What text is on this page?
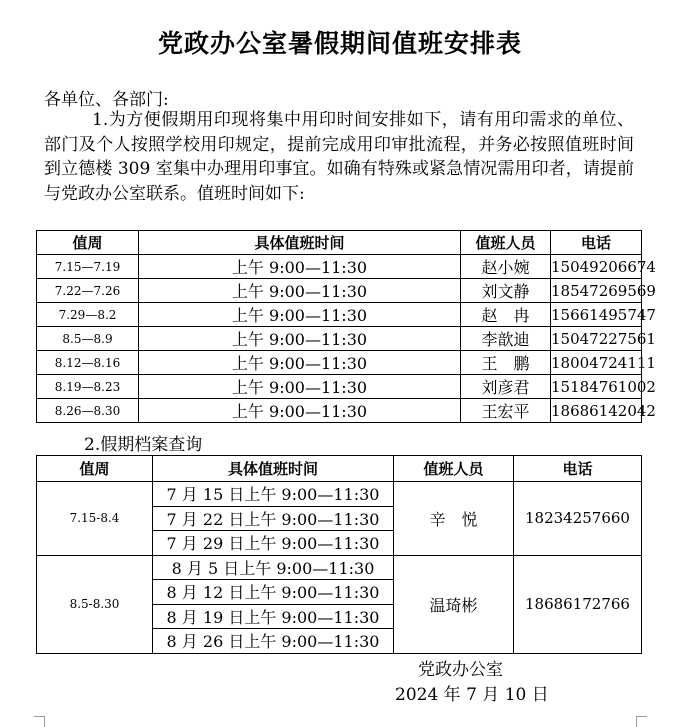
党政办公室暑假期间值班安排表
各单位、各部门:
1.为方便假期用印现将集中用印时间安排如下，请有用印需求的单位、部门及个人按照学校用印规定，提前完成用印审批流程，并务必按照值班时间到立德楼 309 室集中办理用印事宜。如确有特殊或紧急情况需用印者，请提前与党政办公室联系。值班时间如下:
值周	具体值班时间	值班人员	电话
7.15—7.19	上午 9:00—11:30	赵小婉	15049206674
7.22—7.26	上午 9:00—11:30	刘文静	18547269569
7.29—8.2	上午 9:00—11:30	赵　冉	15661495747
8.5—8.9	上午 9:00—11:30	李歆迪	15047227561
8.12—8.16	上午 9:00—11:30	王　鹏	18004724111
8.19—8.23	上午 9:00—11:30	刘彦君	15184761002
8.26—8.30	上午 9:00—11:30	王宏平	18686142042
2.假期档案查询
值周	具体值班时间	值班人员	电话
7.15-8.4	7 月 15 日上午 9:00—11:30	辛　悦	18234257660
	7 月 22 日上午 9:00—11:30		
	7 月 29 日上午 9:00—11:30		
8.5-8.30	8 月 5 日上午 9:00—11:30	温琦彬	18686172766
	8 月 12 日上午 9:00—11:30		
	8 月 19 日上午 9:00—11:30		
	8 月 26 日上午 9:00—11:30		
党政办公室
2024 年 7 月 10 日
